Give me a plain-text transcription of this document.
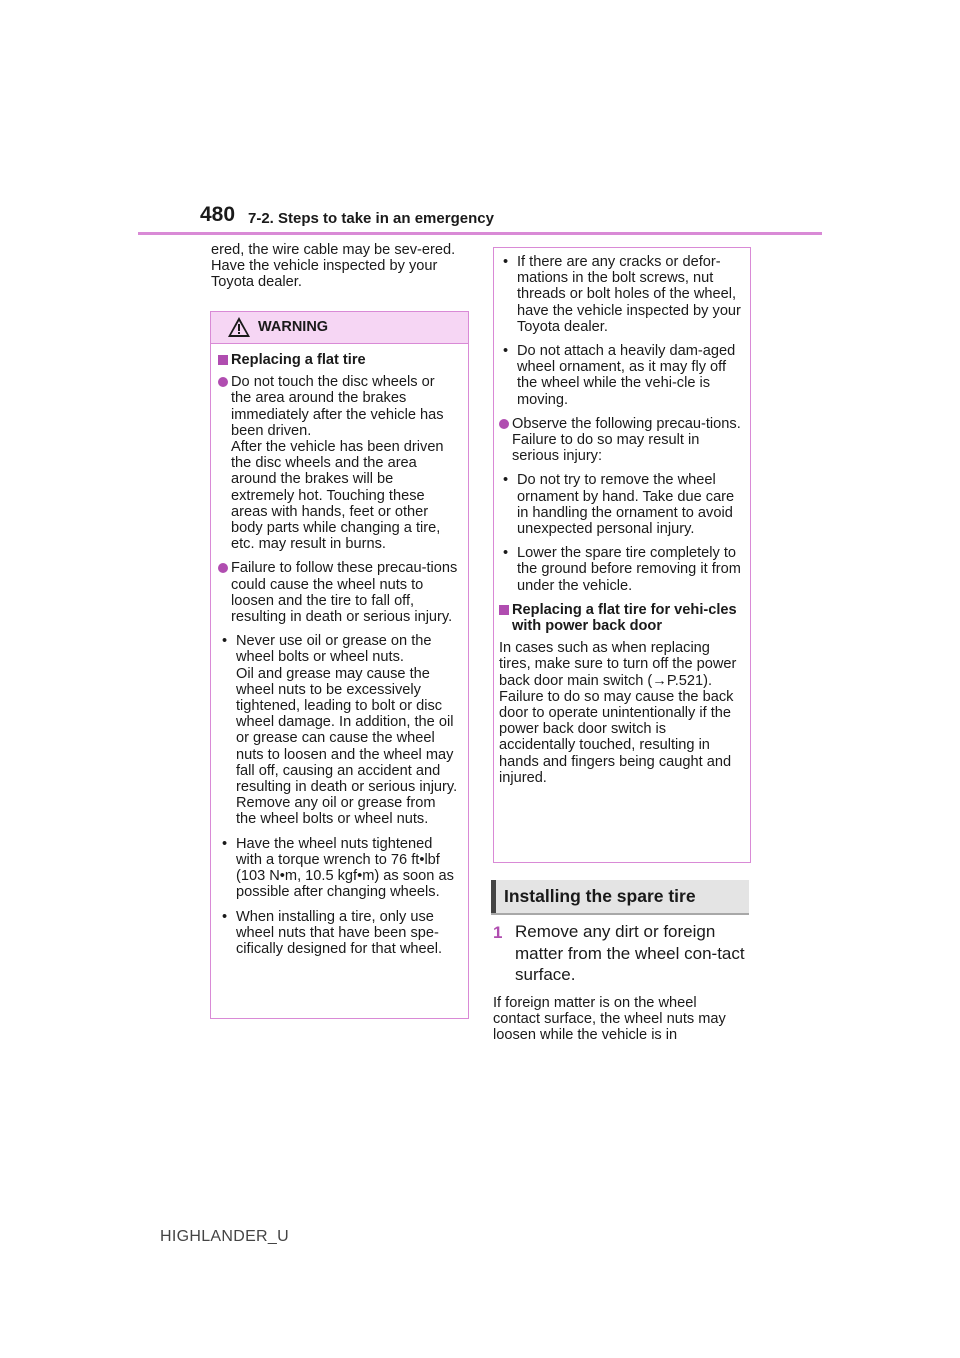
480 7-2. Steps to take in an emergency
ered, the wire cable may be sev-ered. Have the vehicle inspected by your Toyota dealer.
WARNING
Replacing a flat tire
Do not touch the disc wheels or the area around the brakes immediately after the vehicle has been driven.
After the vehicle has been driven the disc wheels and the area around the brakes will be extremely hot. Touching these areas with hands, feet or other body parts while changing a tire, etc. may result in burns.
Failure to follow these precau-tions could cause the wheel nuts to loosen and the tire to fall off, resulting in death or serious injury.
• Never use oil or grease on the wheel bolts or wheel nuts.
Oil and grease may cause the wheel nuts to be excessively tightened, leading to bolt or disc wheel damage. In addition, the oil or grease can cause the wheel nuts to loosen and the wheel may fall off, causing an accident and resulting in death or serious injury. Remove any oil or grease from the wheel bolts or wheel nuts.
• Have the wheel nuts tightened with a torque wrench to 76 ft•lbf (103 N•m, 10.5 kgf•m) as soon as possible after changing wheels.
• When installing a tire, only use wheel nuts that have been spe-cifically designed for that wheel.
• If there are any cracks or defor-mations in the bolt screws, nut threads or bolt holes of the wheel, have the vehicle inspected by your Toyota dealer.
• Do not attach a heavily dam-aged wheel ornament, as it may fly off the wheel while the vehi-cle is moving.
Observe the following precau-tions.
Failure to do so may result in serious injury:
• Do not try to remove the wheel ornament by hand. Take due care in handling the ornament to avoid unexpected personal injury.
• Lower the spare tire completely to the ground before removing it from under the vehicle.
Replacing a flat tire for vehi-cles with power back door
In cases such as when replacing tires, make sure to turn off the power back door main switch (→P.521). Failure to do so may cause the back door to operate unintentionally if the power back door switch is accidentally touched, resulting in hands and fingers being caught and injured.
Installing the spare tire
1 Remove any dirt or foreign matter from the wheel con-tact surface.
If foreign matter is on the wheel contact surface, the wheel nuts may loosen while the vehicle is in
HIGHLANDER_U
